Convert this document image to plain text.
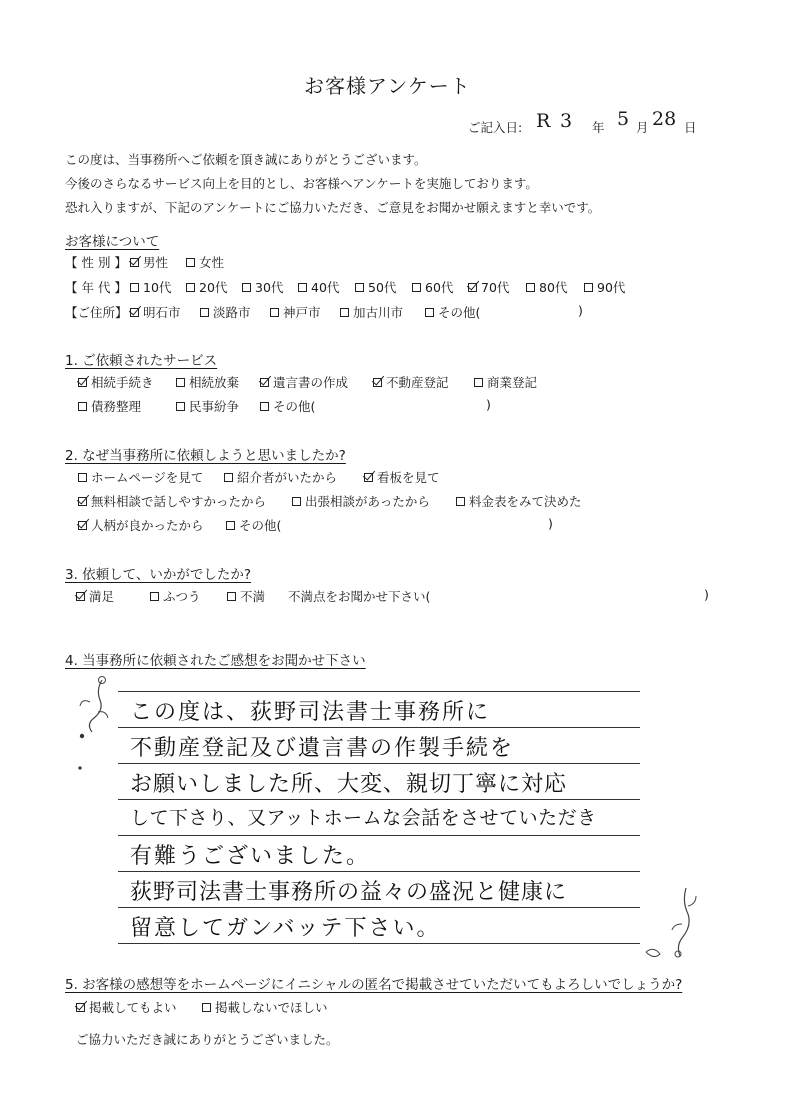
お客様アンケート
ご記入日: R 3 年 5 月 28 日
この度は、当事務所へご依頼を頂き誠にありがとうございます。
今後のさらなるサービス向上を目的とし、お客様へアンケートを実施しております。
恐れ入りますが、下記のアンケートにご協力いただき、ご意見をお聞かせ願えますと幸いです。
お客様について
【 性 別 】 男性 女性
【 年 代 】 10代 20代 30代 40代 50代 60代 70代 80代 90代
【ご住所】 明石市	淡路市	神戸市	加古川市	その他(	)
1. ご依頼されたサービス
相続手続き	相続放棄	遺言書の作成	不動産登記	商業登記
債務整理	民事紛争	その他(	)
2. なぜ当事務所に依頼しようと思いましたか?
ホームページを見て	紹介者がいたから	看板を見て
無料相談で話しやすかったから	出張相談があったから	料金表をみて決めた
人柄が良かったから	その他(	)
3. 依頼して、いかがでしたか?
満足	ふつう	不満 不満点をお聞かせ下さい(	)
4. 当事務所に依頼されたご感想をお聞かせ下さい
この度は、荻野司法書士事務所に
不動産登記及び遺言書の作製手続を
お願いしました所、大変、親切丁寧に対応
して下さり、又アットホームな会話をさせていただき
有難うございました。
荻野司法書士事務所の益々の盛況と健康に
留意してガンバッテ下さい。
5. お客様の感想等をホームページにイニシャルの匿名で掲載させていただいてもよろしいでしょうか?
掲載してもよい	掲載しないでほしい
ご協力いただき誠にありがとうございました。
